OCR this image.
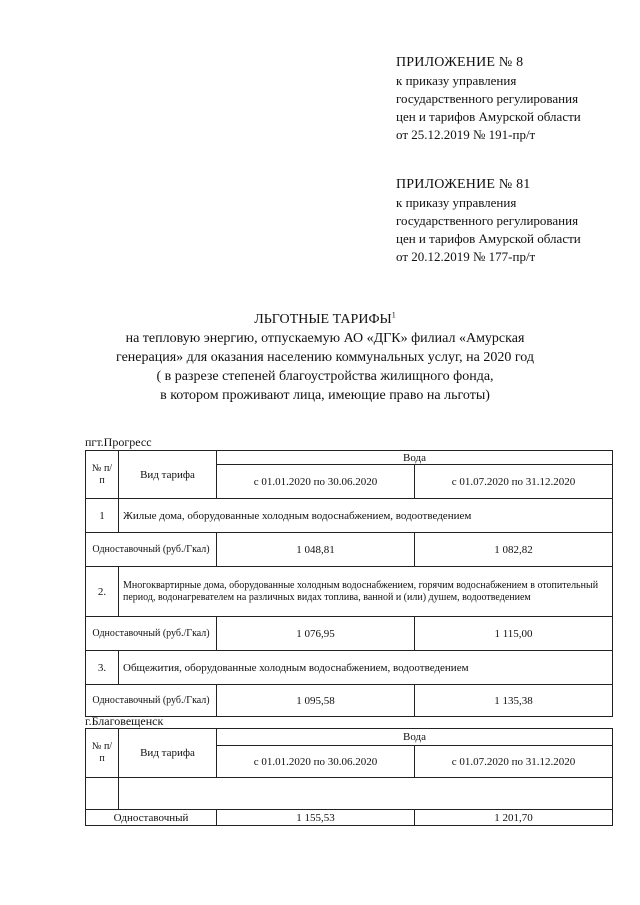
ПРИЛОЖЕНИЕ № 8
к приказу управления
государственного регулирования
цен и тарифов Амурской области
от 25.12.2019 № 191-пр/т
ПРИЛОЖЕНИЕ № 81
к приказу управления
государственного регулирования
цен и тарифов Амурской области
от 20.12.2019 № 177-пр/т
ЛЬГОТНЫЕ ТАРИФЫ$^1$
на тепловую энергию, отпускаемую АО «ДГК» филиал «Амурская
генерация» для оказания населению коммунальных услуг, на 2020 год
( в разрезе степеней благоустройства жилищного фонда,
в котором проживают лица, имеющие право на льготы)
пгт.Прогресс
№ п/п	Вид тарифа	Вода	
		с 01.01.2020 по 30.06.2020	с 01.07.2020 по 31.12.2020
1	Жилые дома, оборудованные холодным водоснабжением, водоотведением		
Одноставочный (руб./Гкал)		1 048,81	1 082,82
2.	Многоквартирные дома, оборудованные холодным водоснабжением, горячим водоснабжением в отопительный период, водонагревателем на различных видах топлива, ванной и (или) душем, водоотведением		
Одноставочный (руб./Гкал)		1 076,95	1 115,00
3.	Общежития, оборудованные холодным водоснабжением, водоотведением		
Одноставочный (руб./Гкал)		1 095,58	1 135,38
г.Благовещенск
№ п/п	Вид тарифа	Вода	
		с 01.01.2020 по 30.06.2020	с 01.07.2020 по 31.12.2020

Одноставочный		1 155,53	1 201,70
